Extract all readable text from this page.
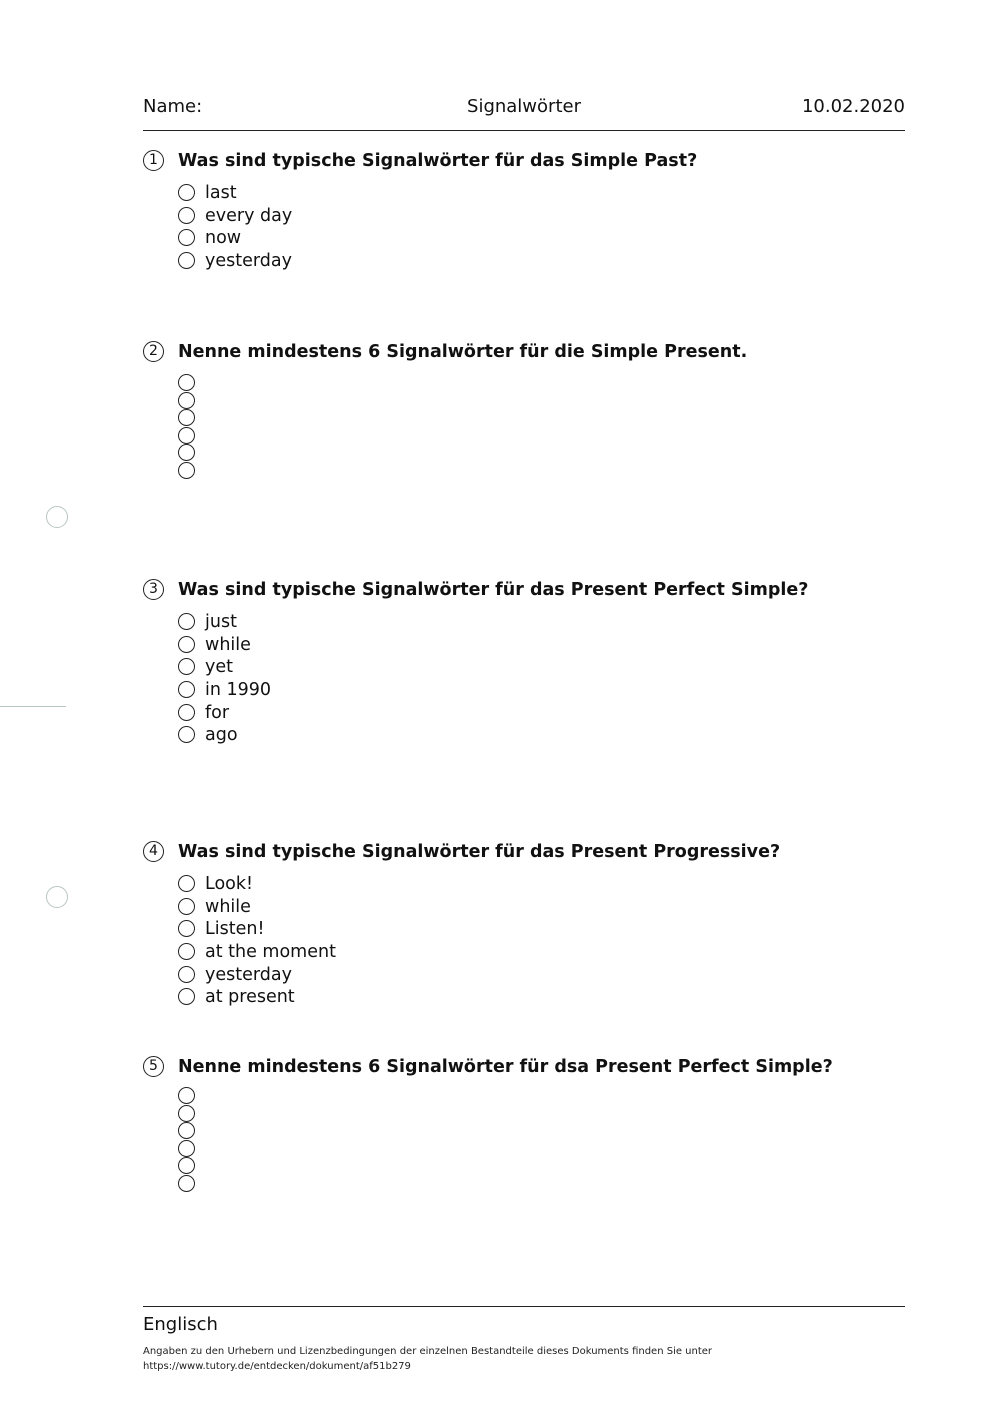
Name:	Signalwörter	10.02.2020
1	Was sind typische Signalwörter für das Simple Past?
last
every day
now
yesterday
2	Nenne mindestens 6 Signalwörter für die Simple Present.
3	Was sind typische Signalwörter für das Present Perfect Simple?
just
while
yet
in 1990
for
ago
4	Was sind typische Signalwörter für das Present Progressive?
Look!
while
Listen!
at the moment
yesterday
at present
5	Nenne mindestens 6 Signalwörter für dsa Present Perfect Simple?
Englisch
Angaben zu den Urhebern und Lizenzbedingungen der einzelnen Bestandteile dieses Dokuments finden Sie unter
https://www.tutory.de/entdecken/dokument/af51b279
